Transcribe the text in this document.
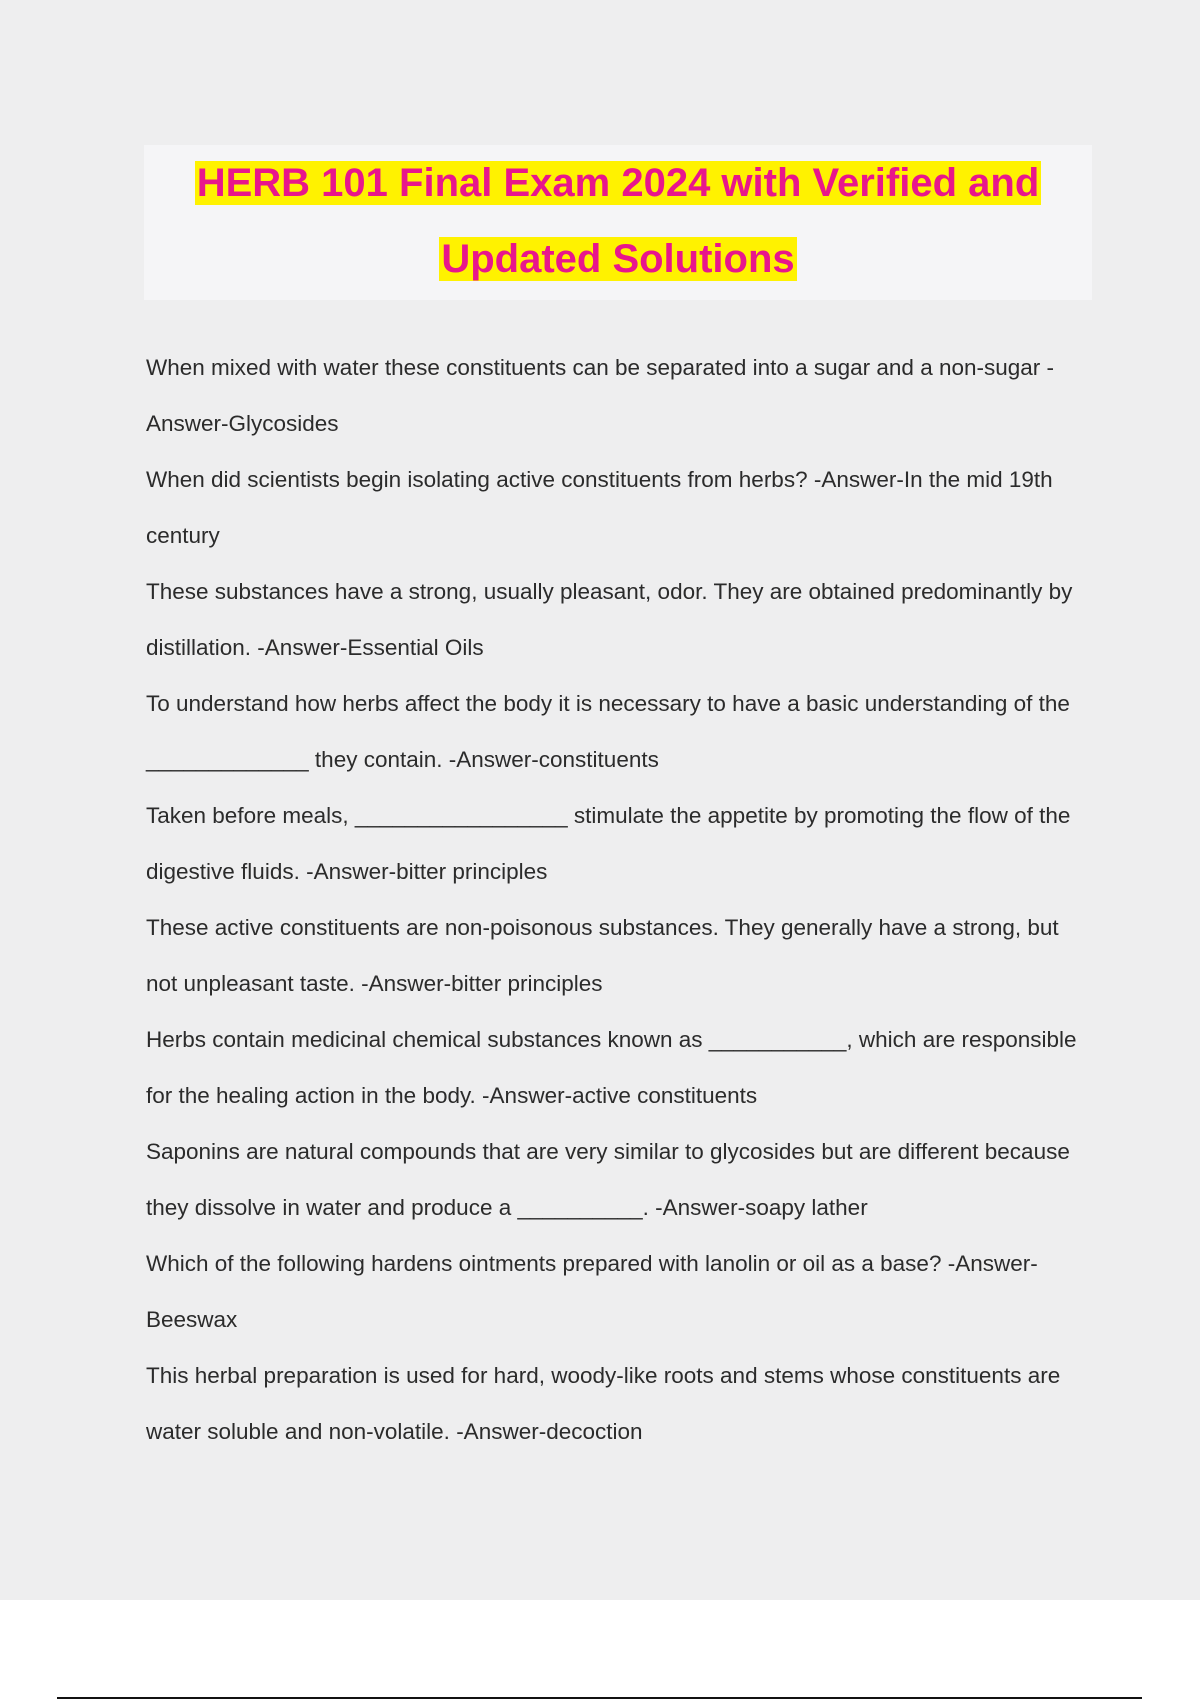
HERB 101 Final Exam 2024 with Verified and
Updated Solutions

When mixed with water these constituents can be separated into a sugar and a non-sugar -Answer-Glycosides

When did scientists begin isolating active constituents from herbs? -Answer-In the mid 19th century

These substances have a strong, usually pleasant, odor. They are obtained predominantly by distillation. -Answer-Essential Oils

To understand how herbs affect the body it is necessary to have a basic understanding of the _____________ they contain. -Answer-constituents

Taken before meals, _________________ stimulate the appetite by promoting the flow of the digestive fluids. -Answer-bitter principles

These active constituents are non-poisonous substances. They generally have a strong, but not unpleasant taste. -Answer-bitter principles

Herbs contain medicinal chemical substances known as ___________, which are responsible for the healing action in the body. -Answer-active constituents

Saponins are natural compounds that are very similar to glycosides but are different because they dissolve in water and produce a __________. -Answer-soapy lather

Which of the following hardens ointments prepared with lanolin or oil as a base? -Answer-Beeswax

This herbal preparation is used for hard, woody-like roots and stems whose constituents are water soluble and non-volatile. -Answer-decoction
